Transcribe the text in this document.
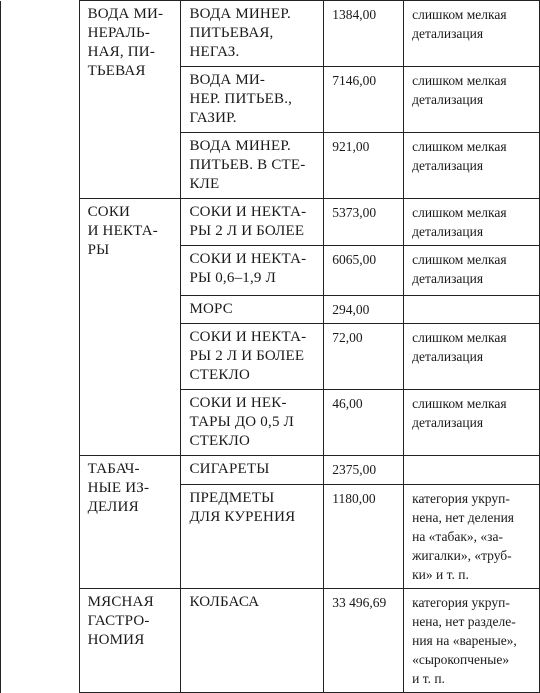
	ВОДА МИ-
НЕРАЛЬ-
НАЯ, ПИ-
ТЬЕВАЯ	ВОДА МИНЕР.
ПИТЬЕВАЯ,
НЕГАЗ.	1384,00	слишком мелкая
детализация

		ВОДА МИ-
НЕР. ПИТЬЕВ.,
ГАЗИР.	7146,00	слишком мелкая
детализация

		ВОДА МИНЕР.
ПИТЬЕВ. В СТЕ-
КЛЕ	921,00	слишком мелкая
детализация

	СОКИ
И НЕКТА-
РЫ	СОКИ И НЕКТА-
РЫ 2 Л И БОЛЕЕ	5373,00	слишком мелкая
детализация

		СОКИ И НЕКТА-
РЫ 0,6–1,9 Л	6065,00	слишком мелкая
детализация

		МОРС	294,00	

		СОКИ И НЕКТА-
РЫ 2 Л И БОЛЕЕ
СТЕКЛО	72,00	слишком мелкая
детализация

		СОКИ И НЕК-
ТАРЫ ДО 0,5 Л
СТЕКЛО	46,00	слишком мелкая
детализация

	ТАБАЧ-
НЫЕ ИЗ-
ДЕЛИЯ	СИГАРЕТЫ	2375,00	

		ПРЕДМЕТЫ
ДЛЯ КУРЕНИЯ	1180,00	категория укруп-
нена, нет деления
на «табак», «за-
жигалки», «труб-
ки» и т. п.

	МЯСНАЯ
ГАСТРО-
НОМИЯ	КОЛБАСА	33 496,69	категория укруп-
нена, нет разделе-
ния на «вареные»,
«сырокопченые»
и т. п.
